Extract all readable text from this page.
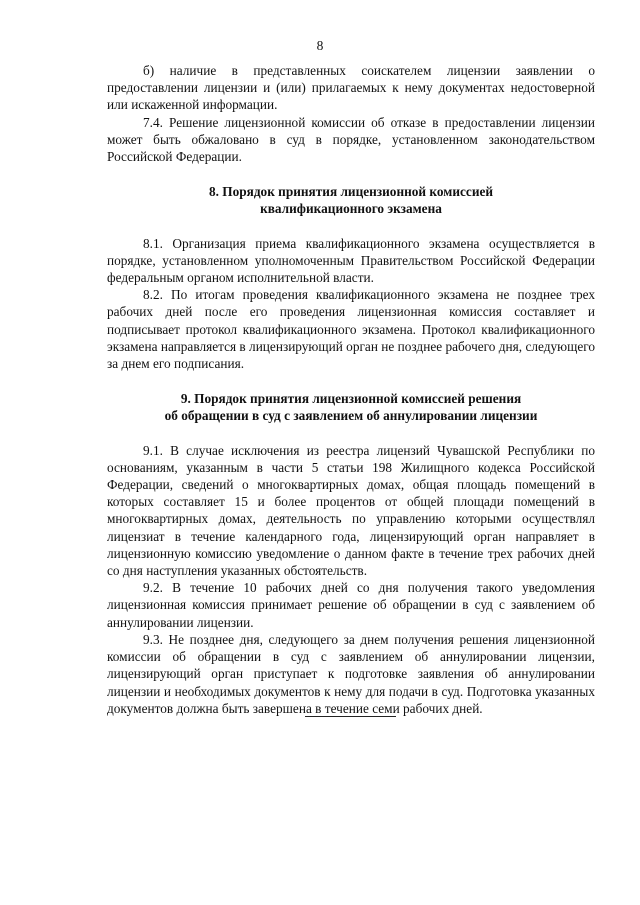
8

б) наличие в представленных соискателем лицензии заявлении о предоставлении лицензии и (или) прилагаемых к нему документах недостоверной или искаженной информации.

7.4. Решение лицензионной комиссии об отказе в предоставлении лицензии может быть обжаловано в суд в порядке, установленном законодательством Российской Федерации.

8. Порядок принятия лицензионной комиссией

квалификационного экзамена

8.1. Организация приема квалификационного экзамена осуществляется в порядке, установленном уполномоченным Правительством Российской Федерации федеральным органом исполнительной власти.

8.2. По итогам проведения квалификационного экзамена не позднее трех рабочих дней после его проведения лицензионная комиссия составляет и подписывает протокол квалификационного экзамена. Протокол квалификационного экзамена направляется в лицензирующий орган не позднее рабочего дня, следующего за днем его подписания.

9. Порядок принятия лицензионной комиссией решения

об обращении в суд с заявлением об аннулировании лицензии

9.1. В случае исключения из реестра лицензий Чувашской Республики по основаниям, указанным в части 5 статьи 198 Жилищного кодекса Российской Федерации, сведений о многоквартирных домах, общая площадь помещений в которых составляет 15 и более процентов от общей площади помещений в многоквартирных домах, деятельность по управлению которыми осуществлял лицензиат в течение календарного года, лицензирующий орган направляет в лицензионную комиссию уведомление о данном факте в течение трех рабочих дней со дня наступления указанных обстоятельств.

9.2. В течение 10 рабочих дней со дня получения такого уведомления лицензионная комиссия принимает решение об обращении в суд с заявлением об аннулировании лицензии.

9.3. Не позднее дня, следующего за днем получения решения лицензионной комиссии об обращении в суд с заявлением об аннулировании лицензии, лицензирующий орган приступает к подготовке заявления об аннулировании лицензии и необходимых документов к нему для подачи в суд. Подготовка указанных документов должна быть завершена в течение семи рабочих дней.
